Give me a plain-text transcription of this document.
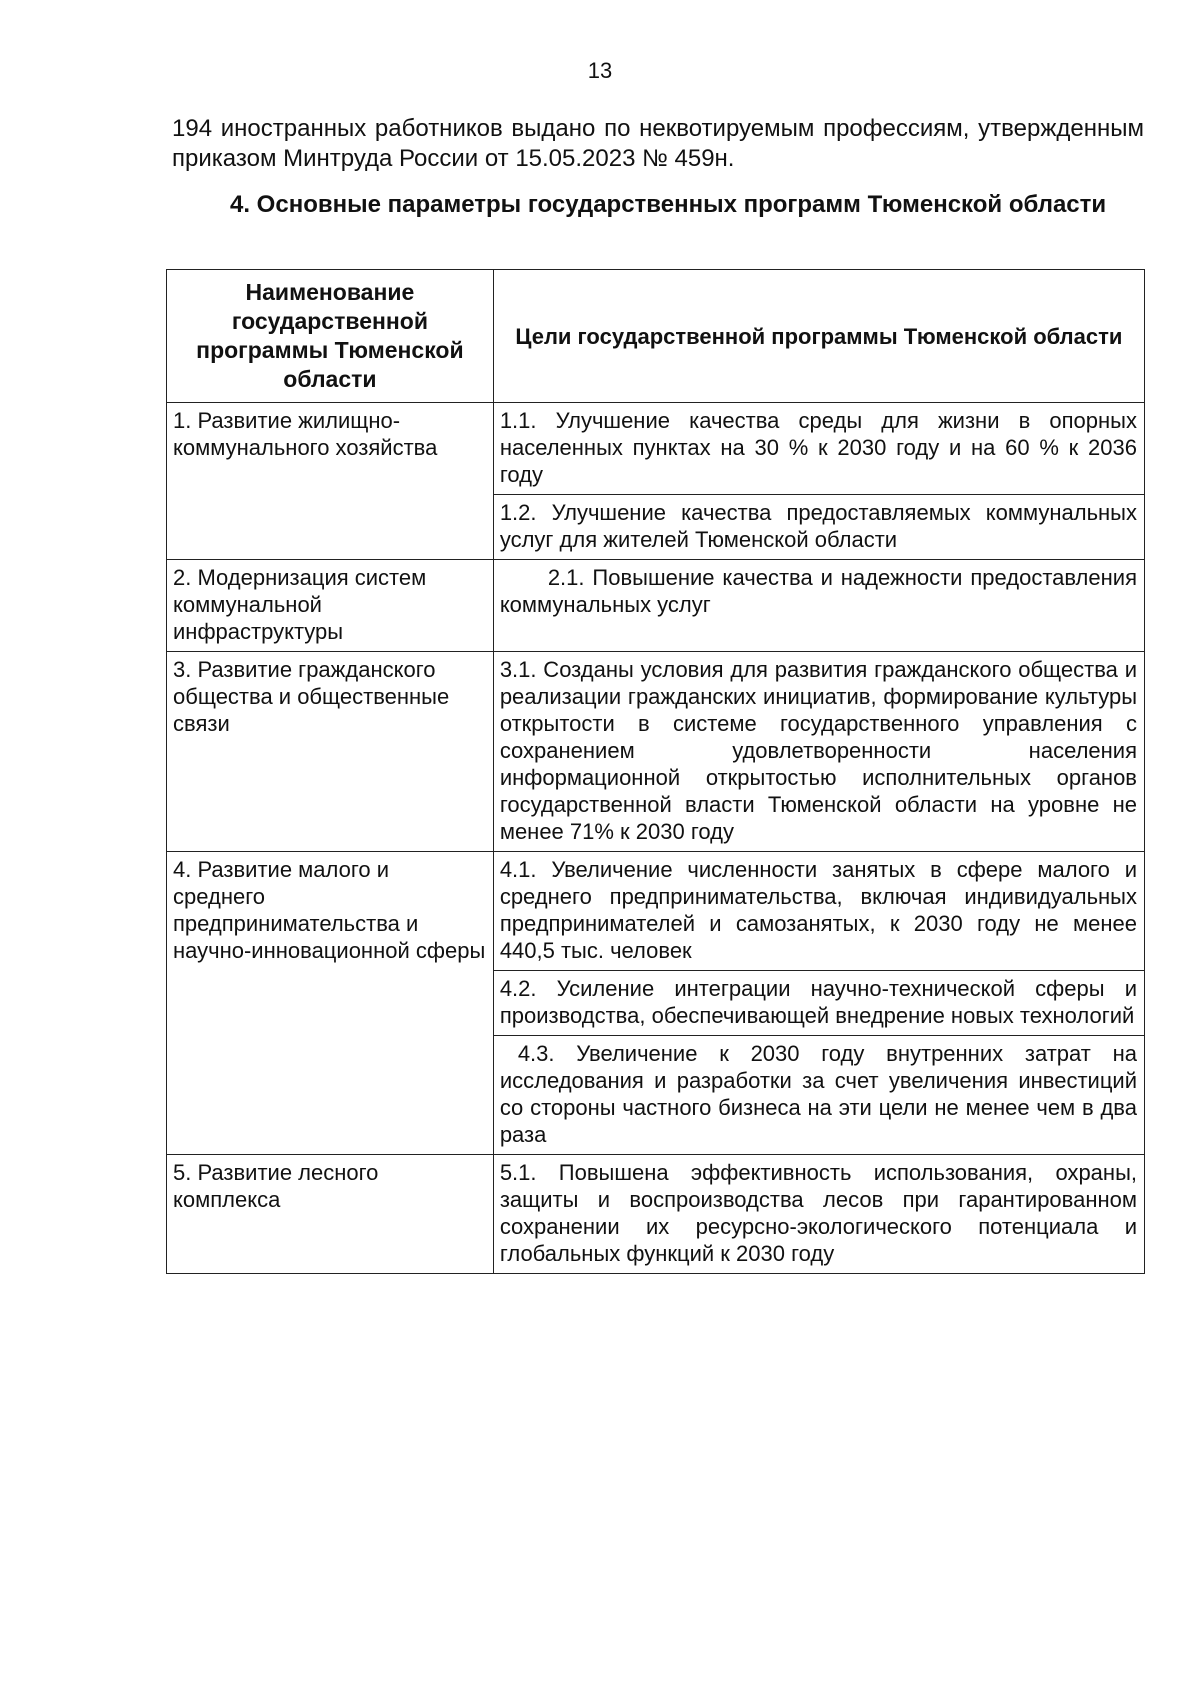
13

194 иностранных работников выдано по неквотируемым профессиям, утвержденным приказом Минтруда России от 15.05.2023 № 459н.

4. Основные параметры государственных программ Тюменской области

Наименование государственной программы Тюменской области	Цели государственной программы Тюменской области
1. Развитие жилищно-коммунального хозяйства	1.1. Улучшение качества среды для жизни в опорных населенных пунктах на 30 % к 2030 году и на 60 % к 2036 году
	1.2. Улучшение качества предоставляемых коммунальных услуг для жителей Тюменской области
2. Модернизация систем коммунальной инфраструктуры	2.1. Повышение качества и надежности предоставления коммунальных услуг
3. Развитие гражданского общества и общественные связи	3.1. Созданы условия для развития гражданского общества и реализации гражданских инициатив, формирование культуры открытости в системе государственного управления с сохранением удовлетворенности населения информационной открытостью исполнительных органов государственной власти Тюменской области на уровне не менее 71% к 2030 году
4. Развитие малого и среднего предпринимательства и научно-инновационной сферы	4.1. Увеличение численности занятых в сфере малого и среднего предпринимательства, включая индивидуальных предпринимателей и самозанятых, к 2030 году не менее 440,5 тыс. человек
	4.2. Усиление интеграции научно-технической сферы и производства, обеспечивающей внедрение новых технологий
	4.3. Увеличение к 2030 году внутренних затрат на исследования и разработки за счет увеличения инвестиций со стороны частного бизнеса на эти цели не менее чем в два раза
5. Развитие лесного комплекса	5.1. Повышена эффективность использования, охраны, защиты и воспроизводства лесов при гарантированном сохранении их ресурсно-экологического потенциала и глобальных функций к 2030 году
